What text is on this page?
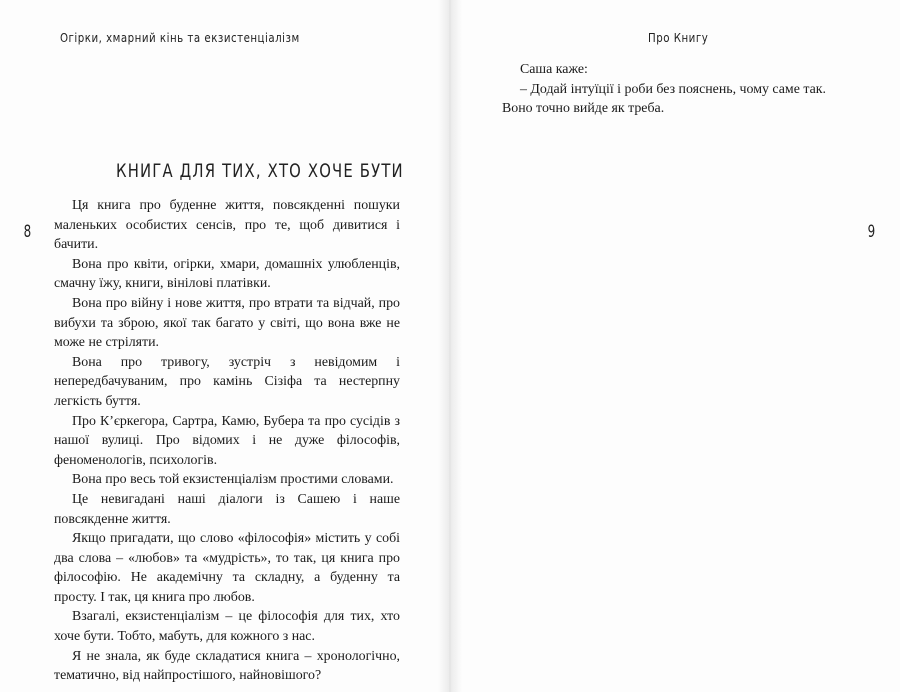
Огірки, хмарний кінь та екзистенціалізм	Про Книгу
8	9
КНИГА ДЛЯ ТИХ, ХТО ХОЧЕ БУТИ

Ця книга про буденне життя, повсякденні пошуки маленьких особистих сенсів, про те, щоб дивитися і бачити.

Вона про квіти, огірки, хмари, домашніх улюбленців, смачну їжу, книги, вінілові платівки.

Вона про війну і нове життя, про втрати та відчай, про вибухи та зброю, якої так багато у світі, що вона вже не може не стріляти.

Вона про тривогу, зустріч з невідомим і непередбачуваним, про камінь Сізіфа та нестерпну легкість буття.

Про К’єркегора, Сартра, Камю, Бубера та про сусідів з нашої вулиці. Про відомих і не дуже філософів, феноменологів, психологів.

Вона про весь той екзистенціалізм простими словами.

Це невигадані наші діалоги із Сашею і наше повсякденне життя.

Якщо пригадати, що слово «філософія» містить у собі два слова – «любов» та «мудрість», то так, ця книга про філософію. Не академічну та складну, а буденну та просту. І так, ця книга про любов.

Взагалі, екзистенціалізм – це філософія для тих, хто хоче бути. Тобто, мабуть, для кожного з нас.

Я не знала, як буде складатися книга – хронологічно, тематично, від найпростішого, найновішого?

Саша каже:

– Додай інтуїції і роби без пояснень, чому саме так. Воно точно вийде як треба.
